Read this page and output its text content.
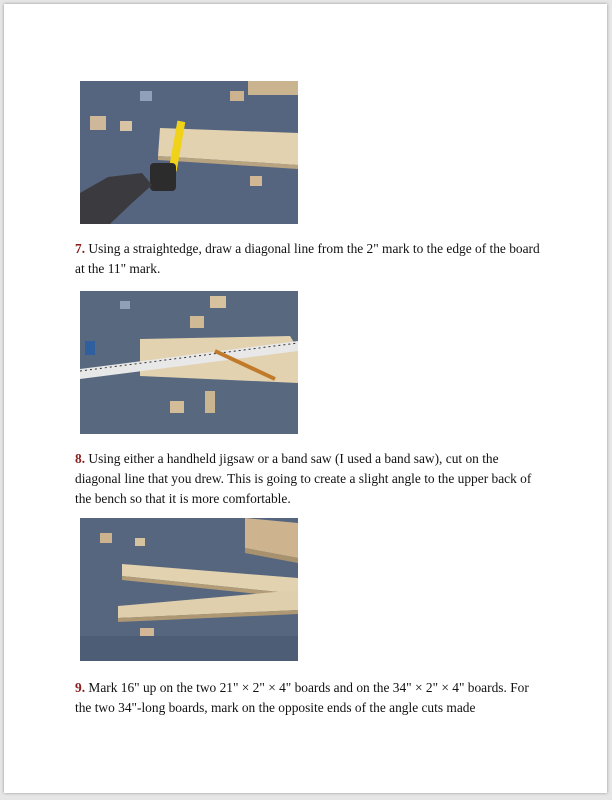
7. Using a straightedge, draw a diagonal line from the 2" mark to the edge of the board at the 11" mark.
8. Using either a handheld jigsaw or a band saw (I used a band saw), cut on the diagonal line that you drew. This is going to create a slight angle to the upper back of the bench so that it is more comfortable.
9. Mark 16" up on the two 21" × 2" × 4" boards and on the 34" × 2" × 4" boards. For the two 34"-long boards, mark on the opposite ends of the angle cuts made
